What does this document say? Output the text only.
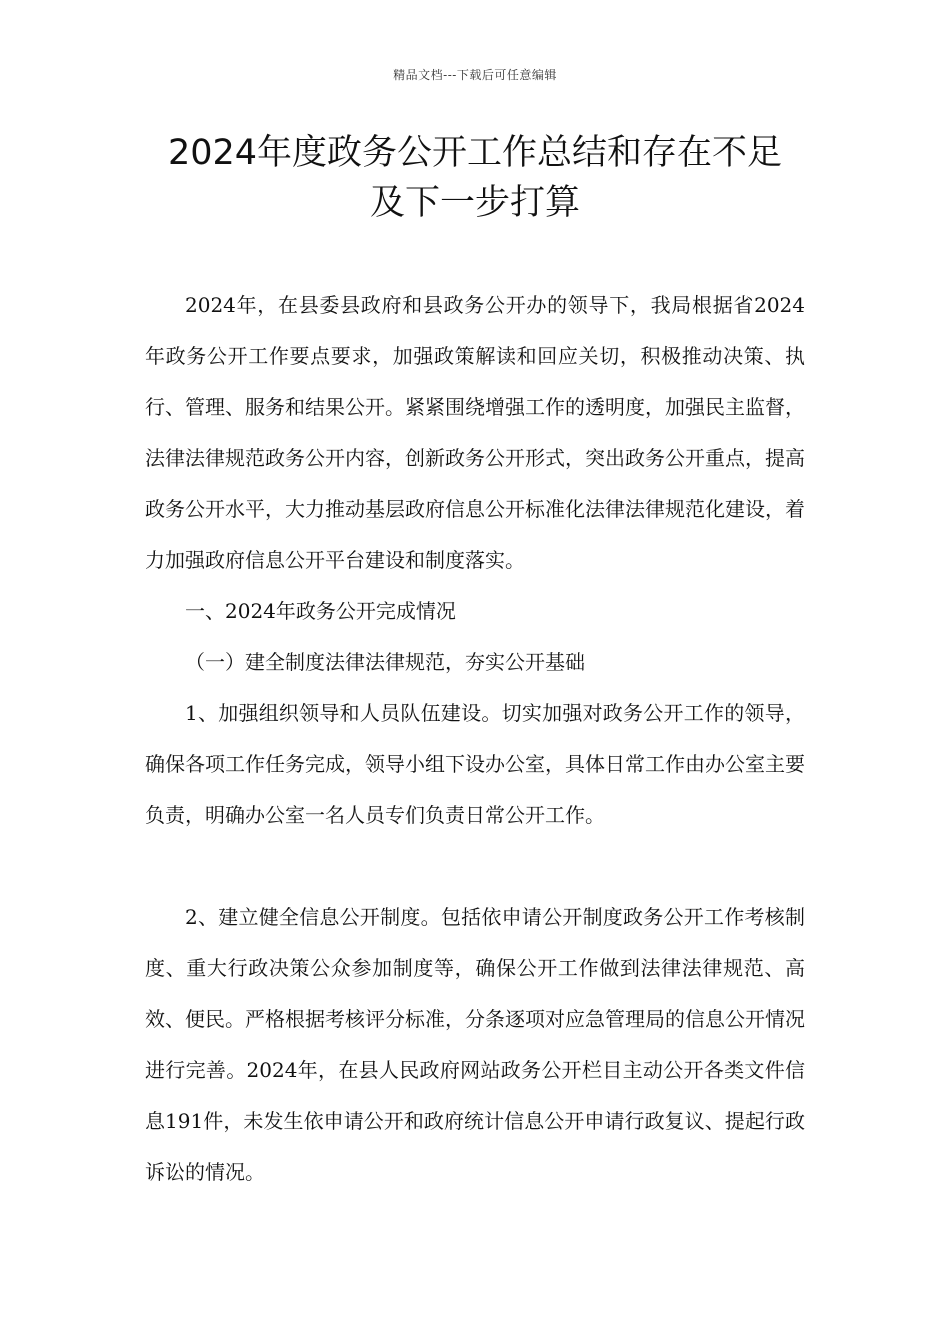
精品文档---下载后可任意编辑
2024年度政务公开工作总结和存在不足
及下一步打算

2024年，在县委县政府和县政务公开办的领导下，我局根据省2024年政务公开工作要点要求，加强政策解读和回应关切，积极推动决策、执行、管理、服务和结果公开。紧紧围绕增强工作的透明度，加强民主监督，法律法律规范政务公开内容，创新政务公开形式，突出政务公开重点，提高政务公开水平，大力推动基层政府信息公开标准化法律法律规范化建设，着力加强政府信息公开平台建设和制度落实。

一、2024年政务公开完成情况

（一）建全制度法律法律规范，夯实公开基础

1、加强组织领导和人员队伍建设。切实加强对政务公开工作的领导，确保各项工作任务完成，领导小组下设办公室，具体日常工作由办公室主要负责，明确办公室一名人员专们负责日常公开工作。

2、建立健全信息公开制度。包括依申请公开制度政务公开工作考核制度、重大行政决策公众参加制度等，确保公开工作做到法律法律规范、高效、便民。严格根据考核评分标准，分条逐项对应急管理局的信息公开情况进行完善。2024年，在县人民政府网站政务公开栏目主动公开各类文件信息191件，未发生依申请公开和政府统计信息公开申请行政复议、提起行政诉讼的情况。
